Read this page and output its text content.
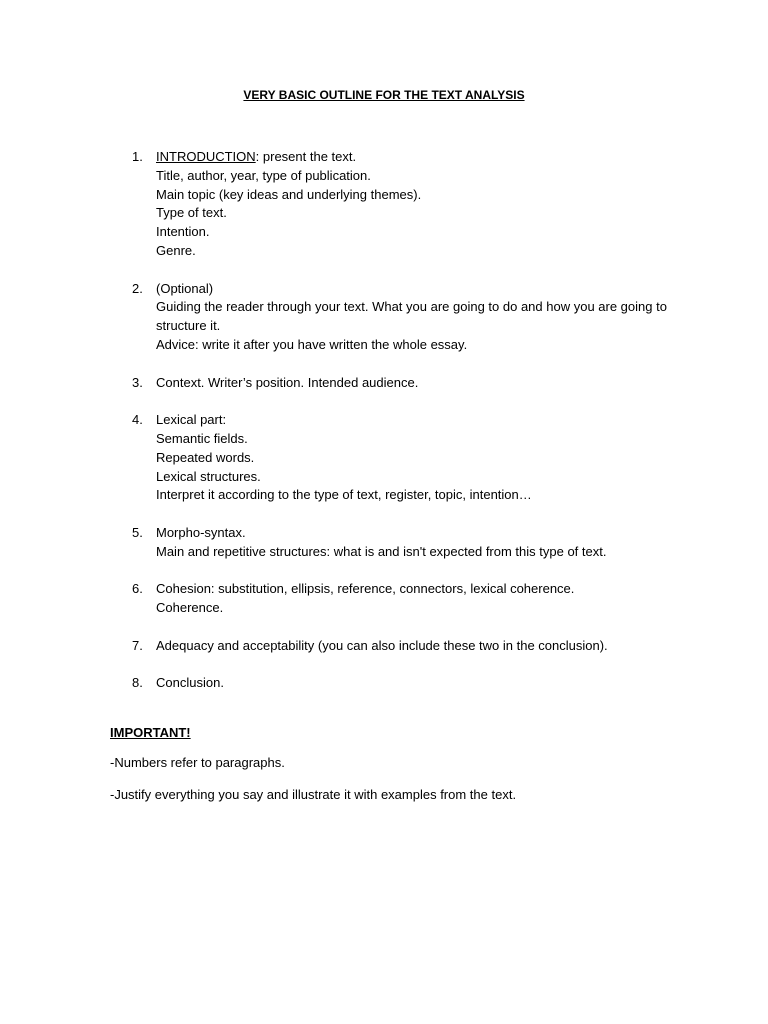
VERY BASIC OUTLINE FOR THE TEXT ANALYSIS
1. INTRODUCTION: present the text.
Title, author, year, type of publication.
Main topic (key ideas and underlying themes).
Type of text.
Intention.
Genre.
2. (Optional)
Guiding the reader through your text. What you are going to do and how you are going to structure it.
Advice: write it after you have written the whole essay.
3. Context. Writer’s position. Intended audience.
4. Lexical part:
Semantic fields.
Repeated words.
Lexical structures.
Interpret it according to the type of text, register, topic, intention…
5. Morpho-syntax.
Main and repetitive structures: what is and isn't expected from this type of text.
6. Cohesion: substitution, ellipsis, reference, connectors, lexical coherence.
Coherence.
7. Adequacy and acceptability (you can also include these two in the conclusion).
8. Conclusion.
IMPORTANT!
-Numbers refer to paragraphs.
-Justify everything you say and illustrate it with examples from the text.
